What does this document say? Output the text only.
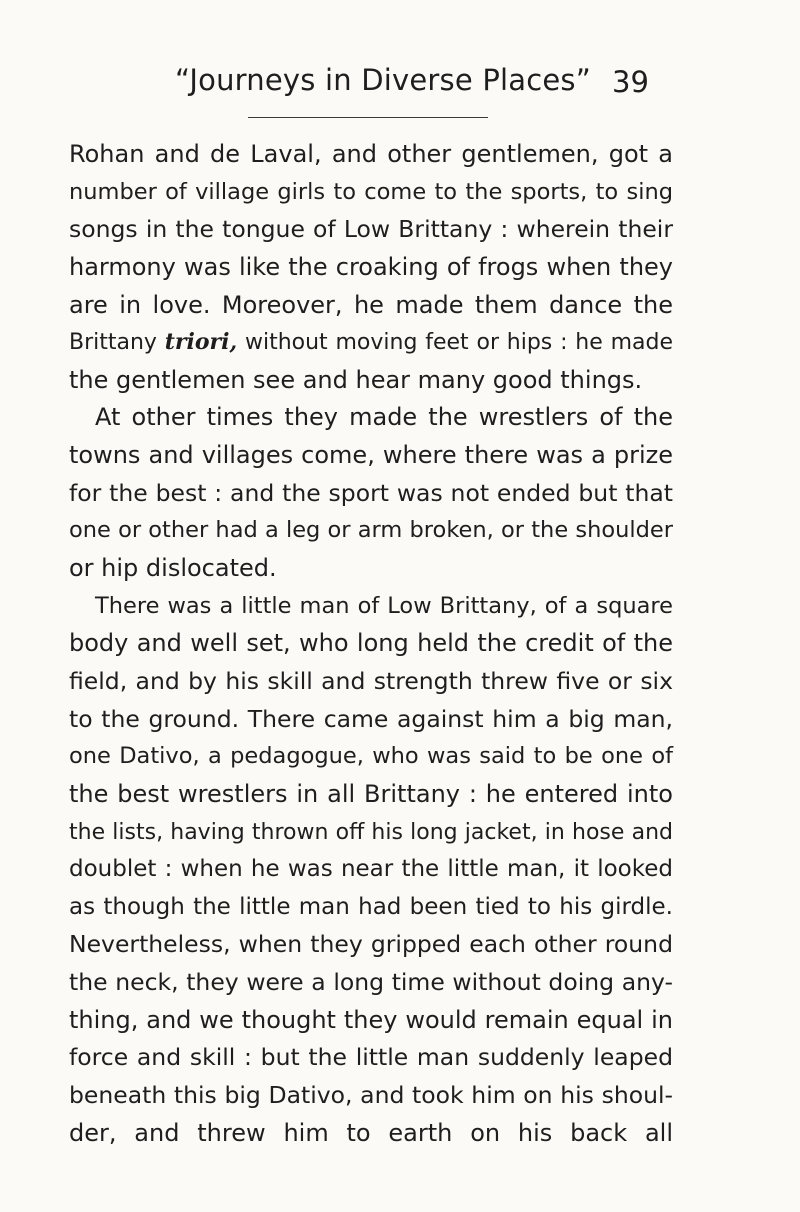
“Journeys in Diverse Places” 39
Rohan and de Laval, and other gentlemen, got a
number of village girls to come to the sports, to sing
songs in the tongue of Low Brittany : wherein their
harmony was like the croaking of frogs when they
are in love. Moreover, he made them dance the
Brittany triori, without moving feet or hips : he made
the gentlemen see and hear many good things.
At other times they made the wrestlers of the
towns and villages come, where there was a prize
for the best : and the sport was not ended but that
one or other had a leg or arm broken, or the shoulder
or hip dislocated.
There was a little man of Low Brittany, of a square
body and well set, who long held the credit of the
field, and by his skill and strength threw five or six
to the ground. There came against him a big man,
one Dativo, a pedagogue, who was said to be one of
the best wrestlers in all Brittany : he entered into
the lists, having thrown off his long jacket, in hose and
doublet : when he was near the little man, it looked
as though the little man had been tied to his girdle.
Nevertheless, when they gripped each other round
the neck, they were a long time without doing any-
thing, and we thought they would remain equal in
force and skill : but the little man suddenly leaped
beneath this big Dativo, and took him on his shoul-
der, and threw him to earth on his back all
